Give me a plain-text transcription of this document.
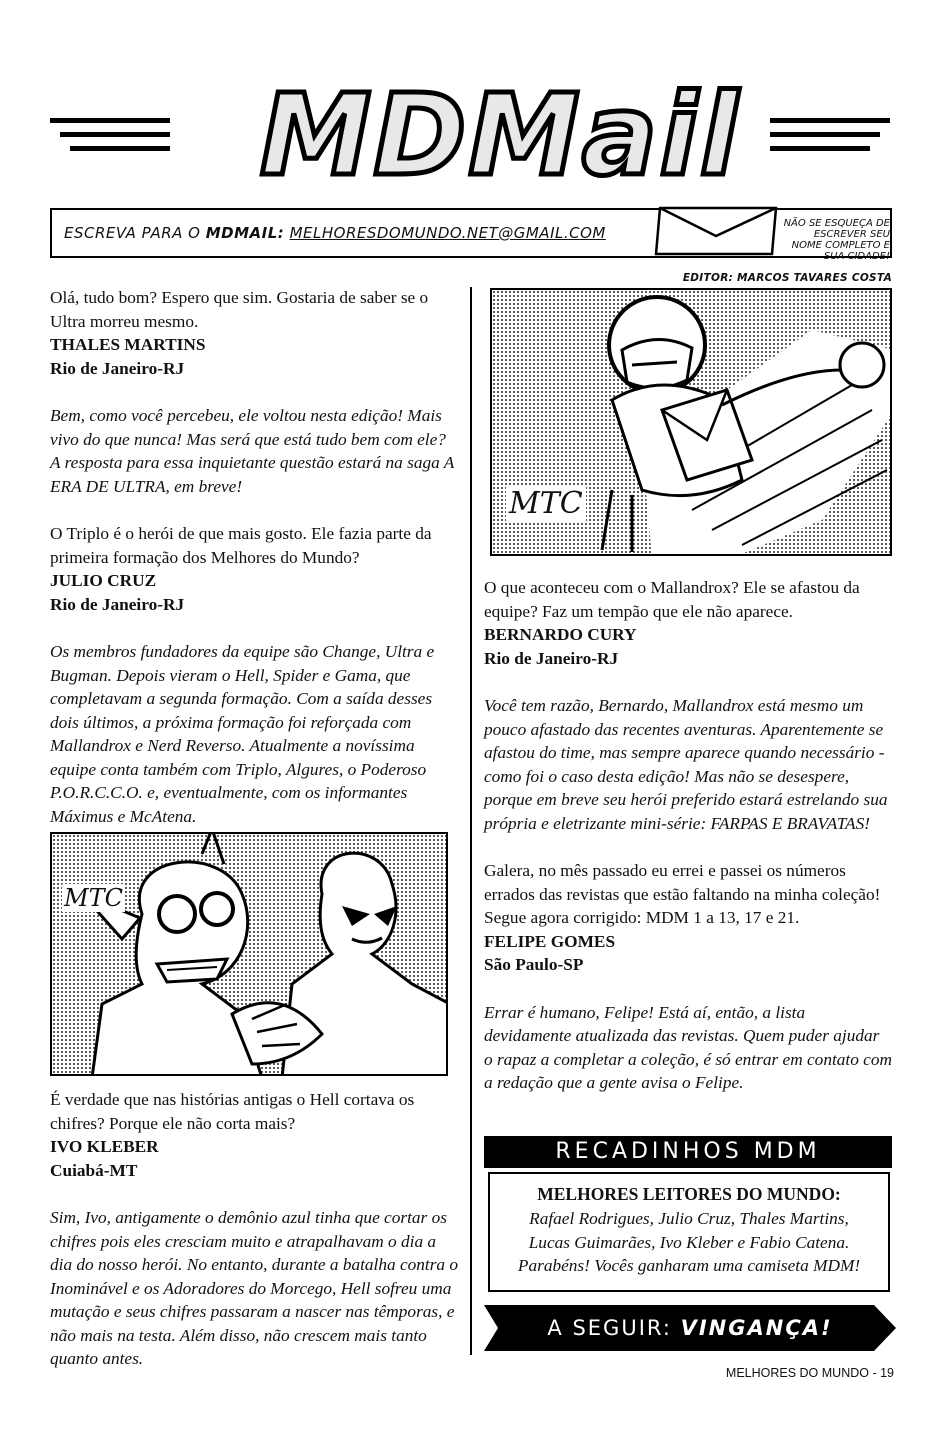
MDMail
ESCREVA PARA O MDMAIL: MELHORESDOMUNDO.NET@GMAIL.COM
NÃO SE ESQUEÇA DE ESCREVER SEU NOME COMPLETO E SUA CIDADE!
EDITOR: MARCOS TAVARES COSTA

Olá, tudo bom? Espero que sim. Gostaria de saber se o Ultra morreu mesmo.

THALES MARTINS

Rio de Janeiro-RJ

Bem, como você percebeu, ele voltou nesta edição! Mais vivo do que nunca! Mas será que está tudo bem com ele? A resposta para essa inquietante questão estará na saga A ERA DE ULTRA, em breve!

O Triplo é o herói de que mais gosto. Ele fazia parte da primeira formação dos Melhores do Mundo?

JULIO CRUZ

Rio de Janeiro-RJ

Os membros fundadores da equipe são Change, Ultra e Bugman. Depois vieram o Hell, Spider e Gama, que completavam a segunda formação. Com a saída desses dois últimos, a próxima formação foi reforçada com Mallandrox e Nerd Reverso. Atualmente a novíssima equipe conta também com Triplo, Algures, o Poderoso P.O.R.C.C.O. e, eventualmente, com os informantes Máximus e McAtena.

MTC

É verdade que nas histórias antigas o Hell cortava os chifres? Porque ele não corta mais?

IVO KLEBER

Cuiabá-MT

Sim, Ivo, antigamente o demônio azul tinha que cortar os chifres pois eles cresciam muito e atrapalhavam o dia a dia do nosso herói. No entanto, durante a batalha contra o Inominável e os Adoradores do Morcego, Hell sofreu uma mutação e seus chifres passaram a nascer nas têmporas, e não mais na testa. Além disso, não crescem mais tanto quanto antes.

MTC

O que aconteceu com o Mallandrox? Ele se afastou da equipe? Faz um tempão que ele não aparece.

BERNARDO CURY

Rio de Janeiro-RJ

Você tem razão, Bernardo, Mallandrox está mesmo um pouco afastado das recentes aventuras. Aparentemente se afastou do time, mas sempre aparece quando necessário - como foi o caso desta edição! Mas não se desespere, porque em breve seu herói preferido estará estrelando sua própria e eletrizante mini-série: FARPAS E BRAVATAS!

Galera, no mês passado eu errei e passei os números errados das revistas que estão faltando na minha coleção! Segue agora corrigido: MDM 1 a 13, 17 e 21.

FELIPE GOMES

São Paulo-SP

Errar é humano, Felipe! Está aí, então, a lista devidamente atualizada das revistas. Quem puder ajudar o rapaz a completar a coleção, é só entrar em contato com a redação que a gente avisa o Felipe.

RECADINHOS MDM
MELHORES LEITORES DO MUNDO:
Rafael Rodrigues, Julio Cruz, Thales Martins,
Lucas Guimarães, Ivo Kleber e Fabio Catena.
Parabéns! Vocês ganharam uma camiseta MDM!
A SEGUIR: VINGANÇA!
MELHORES DO MUNDO - 19
